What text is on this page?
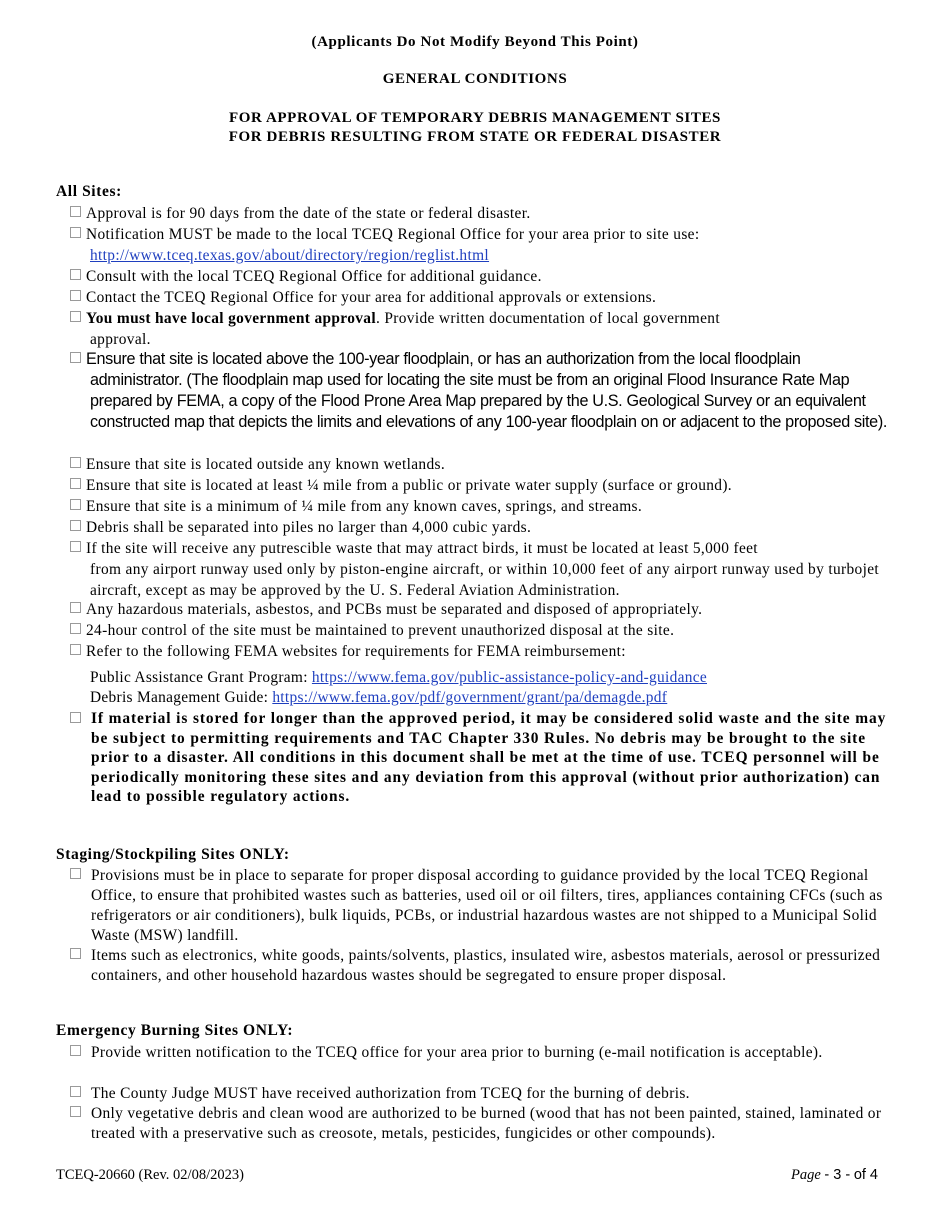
(Applicants Do Not Modify Beyond This Point)
GENERAL CONDITIONS
FOR APPROVAL OF TEMPORARY DEBRIS MANAGEMENT SITES
FOR DEBRIS RESULTING FROM STATE OR FEDERAL DISASTER
All Sites:
Approval is for 90 days from the date of the state or federal disaster.
Notification MUST be made to the local TCEQ Regional Office for your area prior to site use:
http://www.tceq.texas.gov/about/directory/region/reglist.html
Consult with the local TCEQ Regional Office for additional guidance.
Contact the TCEQ Regional Office for your area for additional approvals or extensions.
You must have local government approval. Provide written documentation of local government
approval.
Ensure that site is located above the 100-year floodplain, or has an authorization from the local floodplain
administrator. (The floodplain map used for locating the site must be from an original Flood Insurance Rate Map prepared by FEMA, a copy of the Flood Prone Area Map prepared by the U.S. Geological Survey or an equivalent constructed map that depicts the limits and elevations of any 100-year floodplain on or adjacent to the proposed site).
Ensure that site is located outside any known wetlands.
Ensure that site is located at least ¼ mile from a public or private water supply (surface or ground).
Ensure that site is a minimum of ¼ mile from any known caves, springs, and streams.
Debris shall be separated into piles no larger than 4,000 cubic yards.
If the site will receive any putrescible waste that may attract birds, it must be located at least 5,000 feet
from any airport runway used only by piston-engine aircraft, or within 10,000 feet of any airport runway used by turbojet aircraft, except as may be approved by the U. S. Federal Aviation Administration.
Any hazardous materials, asbestos, and PCBs must be separated and disposed of appropriately.
24-hour control of the site must be maintained to prevent unauthorized disposal at the site.
Refer to the following FEMA websites for requirements for FEMA reimbursement:
Public Assistance Grant Program: https://www.fema.gov/public-assistance-policy-and-guidance
Debris Management Guide: https://www.fema.gov/pdf/government/grant/pa/demagde.pdf
If material is stored for longer than the approved period, it may be considered solid waste and the site may be subject to permitting requirements and TAC Chapter 330 Rules. No debris may be brought to the site prior to a disaster. All conditions in this document shall be met at the time of use. TCEQ personnel will be periodically monitoring these sites and any deviation from this approval (without prior authorization) can lead to possible regulatory actions.
Staging/Stockpiling Sites ONLY:
Provisions must be in place to separate for proper disposal according to guidance provided by the local TCEQ Regional Office, to ensure that prohibited wastes such as batteries, used oil or oil filters, tires, appliances containing CFCs (such as refrigerators or air conditioners), bulk liquids, PCBs, or industrial hazardous wastes are not shipped to a Municipal Solid Waste (MSW) landfill.
Items such as electronics, white goods, paints/solvents, plastics, insulated wire, asbestos materials, aerosol or pressurized containers, and other household hazardous wastes should be segregated to ensure proper disposal.
Emergency Burning Sites ONLY:
Provide written notification to the TCEQ office for your area prior to burning (e-mail notification is acceptable).
The County Judge MUST have received authorization from TCEQ for the burning of debris.
Only vegetative debris and clean wood are authorized to be burned (wood that has not been painted, stained, laminated or treated with a preservative such as creosote, metals, pesticides, fungicides or other compounds).
TCEQ-20660 (Rev. 02/08/2023)	Page - 3 - of 4
